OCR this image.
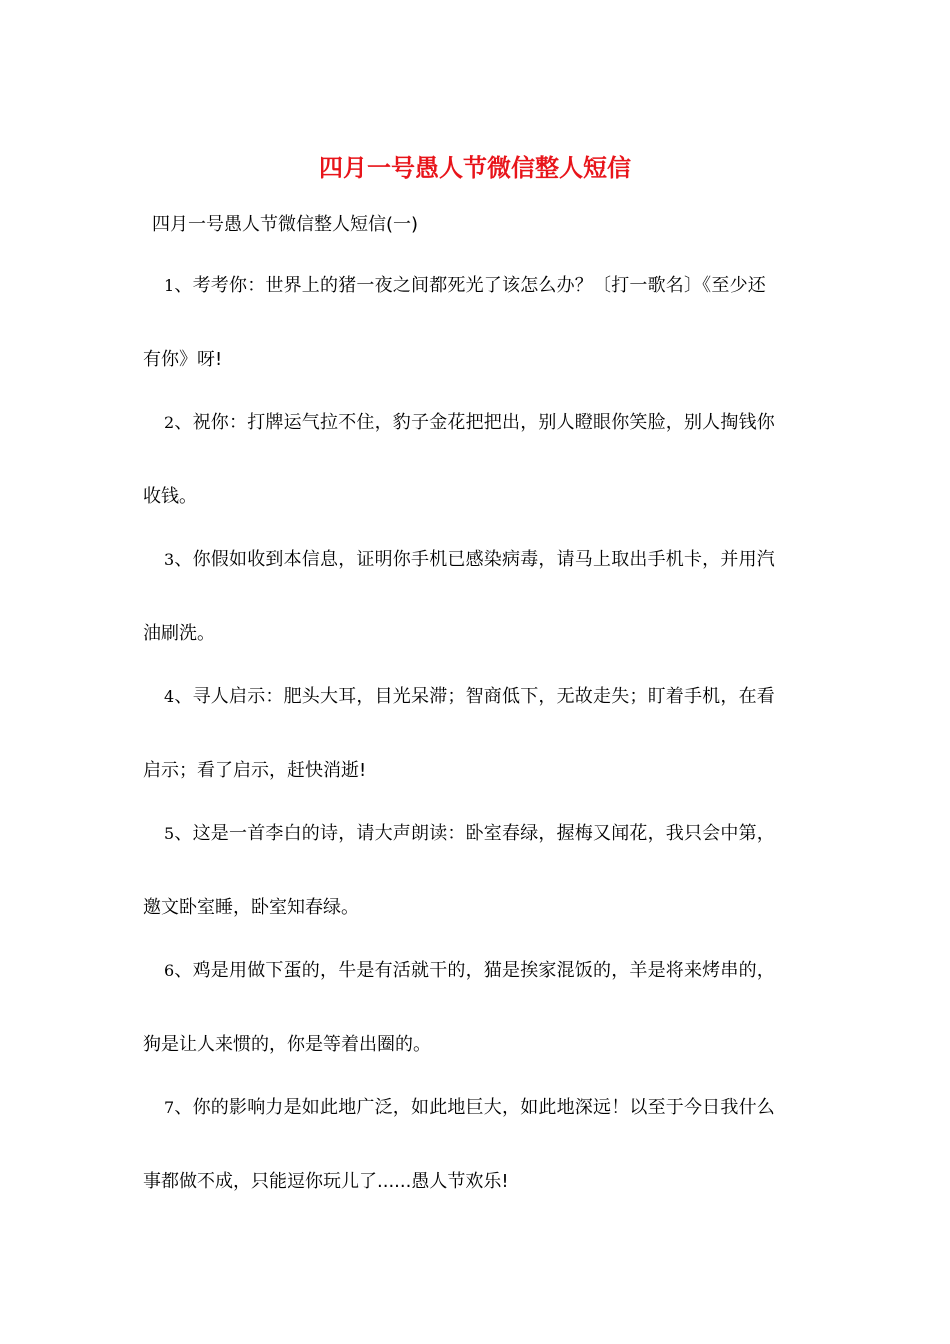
四月一号愚人节微信整人短信
四月一号愚人节微信整人短信(一)
1、考考你：世界上的猪一夜之间都死光了该怎么办？〔打一歌名〕《至少还
有你》呀!
2、祝你：打牌运气拉不住，豹子金花把把出，别人瞪眼你笑脸，别人掏钱你
收钱。
3、你假如收到本信息，证明你手机已感染病毒，请马上取出手机卡，并用汽
油刷洗。
4、寻人启示：肥头大耳，目光呆滞；智商低下，无故走失；盯着手机，在看
启示；看了启示，赶快消逝!
5、这是一首李白的诗，请大声朗读：卧室春绿，握梅又闻花，我只会中第，
邀文卧室睡，卧室知春绿。
6、鸡是用做下蛋的，牛是有活就干的，猫是挨家混饭的，羊是将来烤串的，
狗是让人来惯的，你是等着出圈的。
7、你的影响力是如此地广泛，如此地巨大，如此地深远！以至于今日我什么
事都做不成，只能逗你玩儿了......愚人节欢乐!
